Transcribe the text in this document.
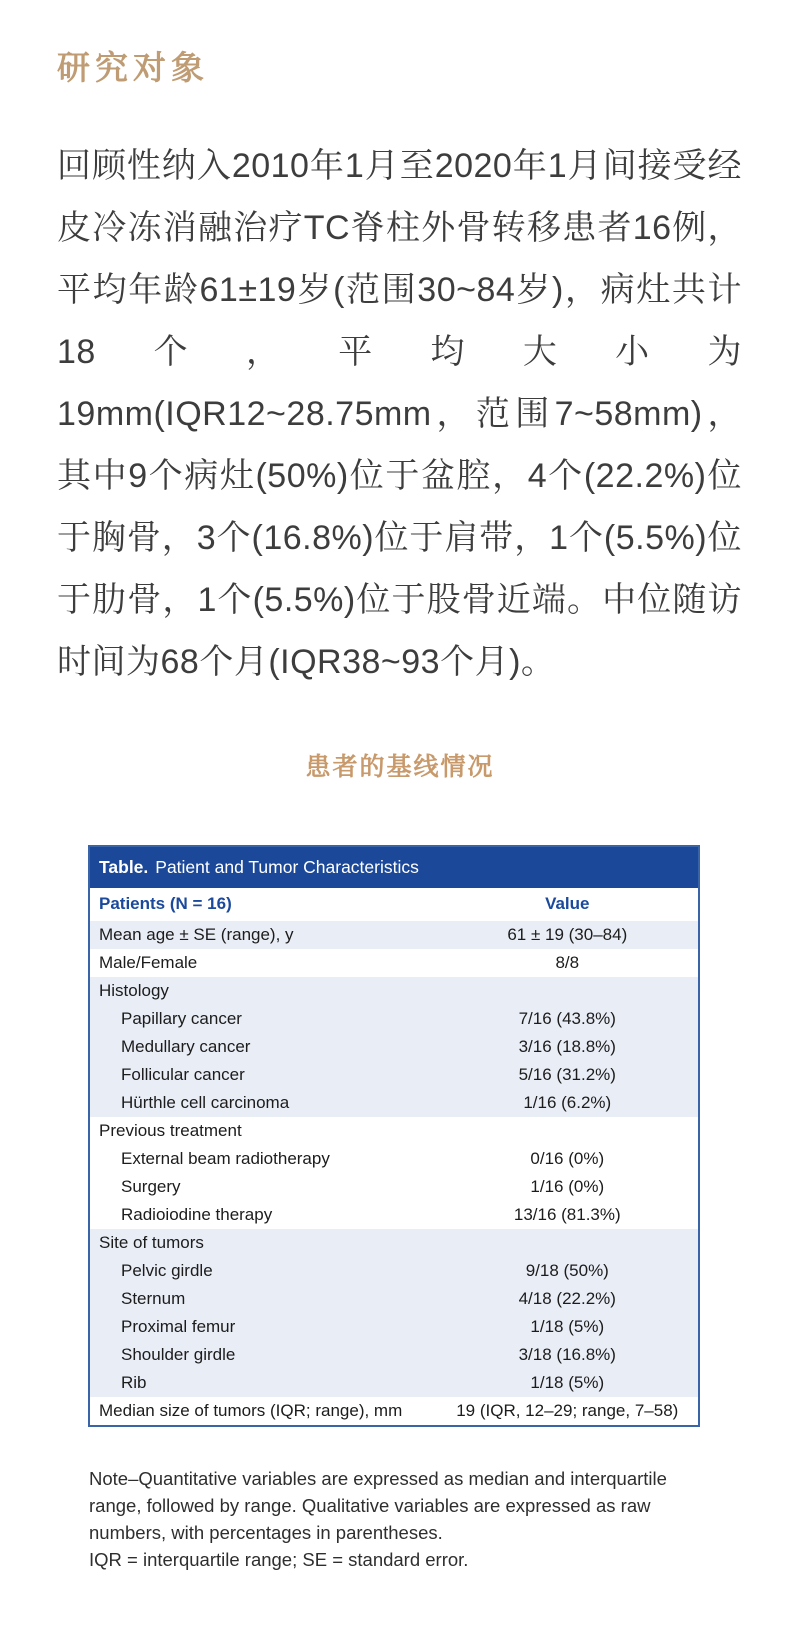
研究对象

回顾性纳入2010年1月至2020年1月间接受经皮冷冻消融治疗TC脊柱外骨转移患者16例，平均年龄61±19岁(范围30~84岁)，病灶共计18个，平均大小为19mm(IQR12~28.75mm，范围7~58mm)，其中9个病灶(50%)位于盆腔，4个(22.2%)位于胸骨，3个(16.8%)位于肩带，1个(5.5%)位于肋骨，1个(5.5%)位于股骨近端。中位随访时间为68个月(IQR38~93个月)。

患者的基线情况
Table. Patient and Tumor Characteristics
Patients (N = 16)	Value
Mean age ± SE (range), y	61 ± 19 (30–84)
Male/Female	8/8
Histology
Papillary cancer	7/16 (43.8%)
Medullary cancer	3/16 (18.8%)
Follicular cancer	5/16 (31.2%)
Hürthle cell carcinoma	1/16 (6.2%)
Previous treatment
External beam radiotherapy	0/16 (0%)
Surgery	1/16 (0%)
Radioiodine therapy	13/16 (81.3%)
Site of tumors
Pelvic girdle	9/18 (50%)
Sternum	4/18 (22.2%)
Proximal femur	1/18 (5%)
Shoulder girdle	3/18 (16.8%)
Rib	1/18 (5%)
Median size of tumors (IQR; range), mm	19 (IQR, 12–29; range, 7–58)

Note–Quantitative variables are expressed as median and interquartile range, followed by range. Qualitative variables are expressed as raw numbers, with percentages in parentheses.

IQR = interquartile range; SE = standard error.
